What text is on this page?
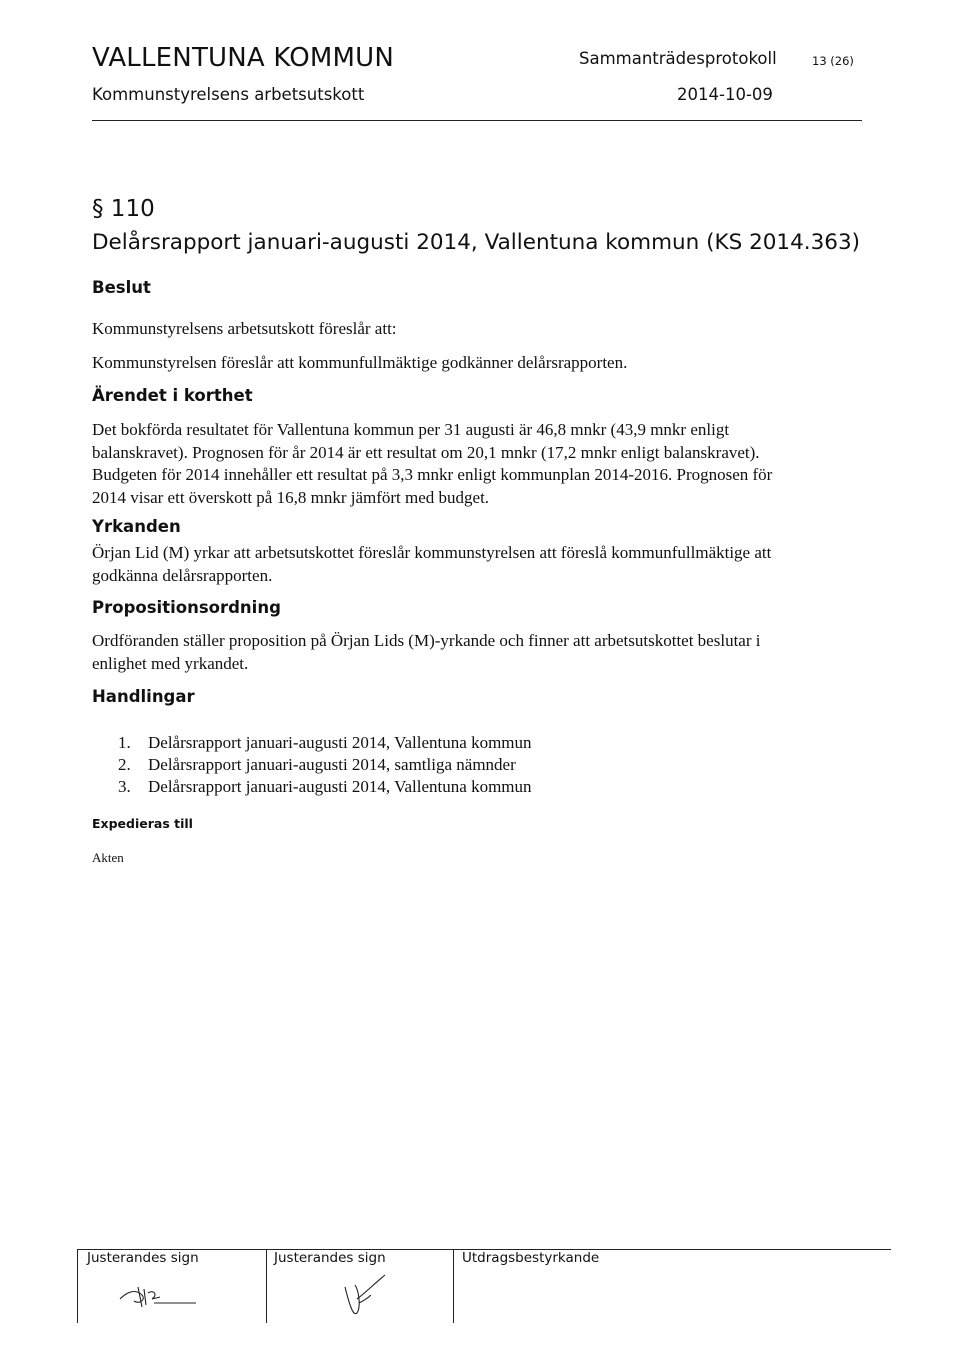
VALLENTUNA KOMMUN
Kommunstyrelsens arbetsutskott
Sammanträdesprotokoll	13 (26)
2014-10-09
§ 110
Delårsrapport januari-augusti 2014, Vallentuna kommun (KS 2014.363)
Beslut
Kommunstyrelsens arbetsutskott föreslår att:
Kommunstyrelsen föreslår att kommunfullmäktige godkänner delårsrapporten.
Ärendet i korthet
Det bokförda resultatet för Vallentuna kommun per 31 augusti är 46,8 mnkr (43,9 mnkr enligt
balanskravet). Prognosen för år 2014 är ett resultat om 20,1 mnkr (17,2 mnkr enligt balanskravet).
Budgeten för 2014 innehåller ett resultat på 3,3 mnkr enligt kommunplan 2014-2016. Prognosen för
2014 visar ett överskott på 16,8 mnkr jämfört med budget.
Yrkanden
Örjan Lid (M) yrkar att arbetsutskottet föreslår kommunstyrelsen att föreslå kommunfullmäktige att
godkänna delårsrapporten.
Propositionsordning
Ordföranden ställer proposition på Örjan Lids (M)-yrkande och finner att arbetsutskottet beslutar i
enlighet med yrkandet.
Handlingar
1.	Delårsrapport januari-augusti 2014, Vallentuna kommun
2.	Delårsrapport januari-augusti 2014, samtliga nämnder
3.	Delårsrapport januari-augusti 2014, Vallentuna kommun
Expedieras till
Akten
Justerandes sign	Justerandes sign	Utdragsbestyrkande
